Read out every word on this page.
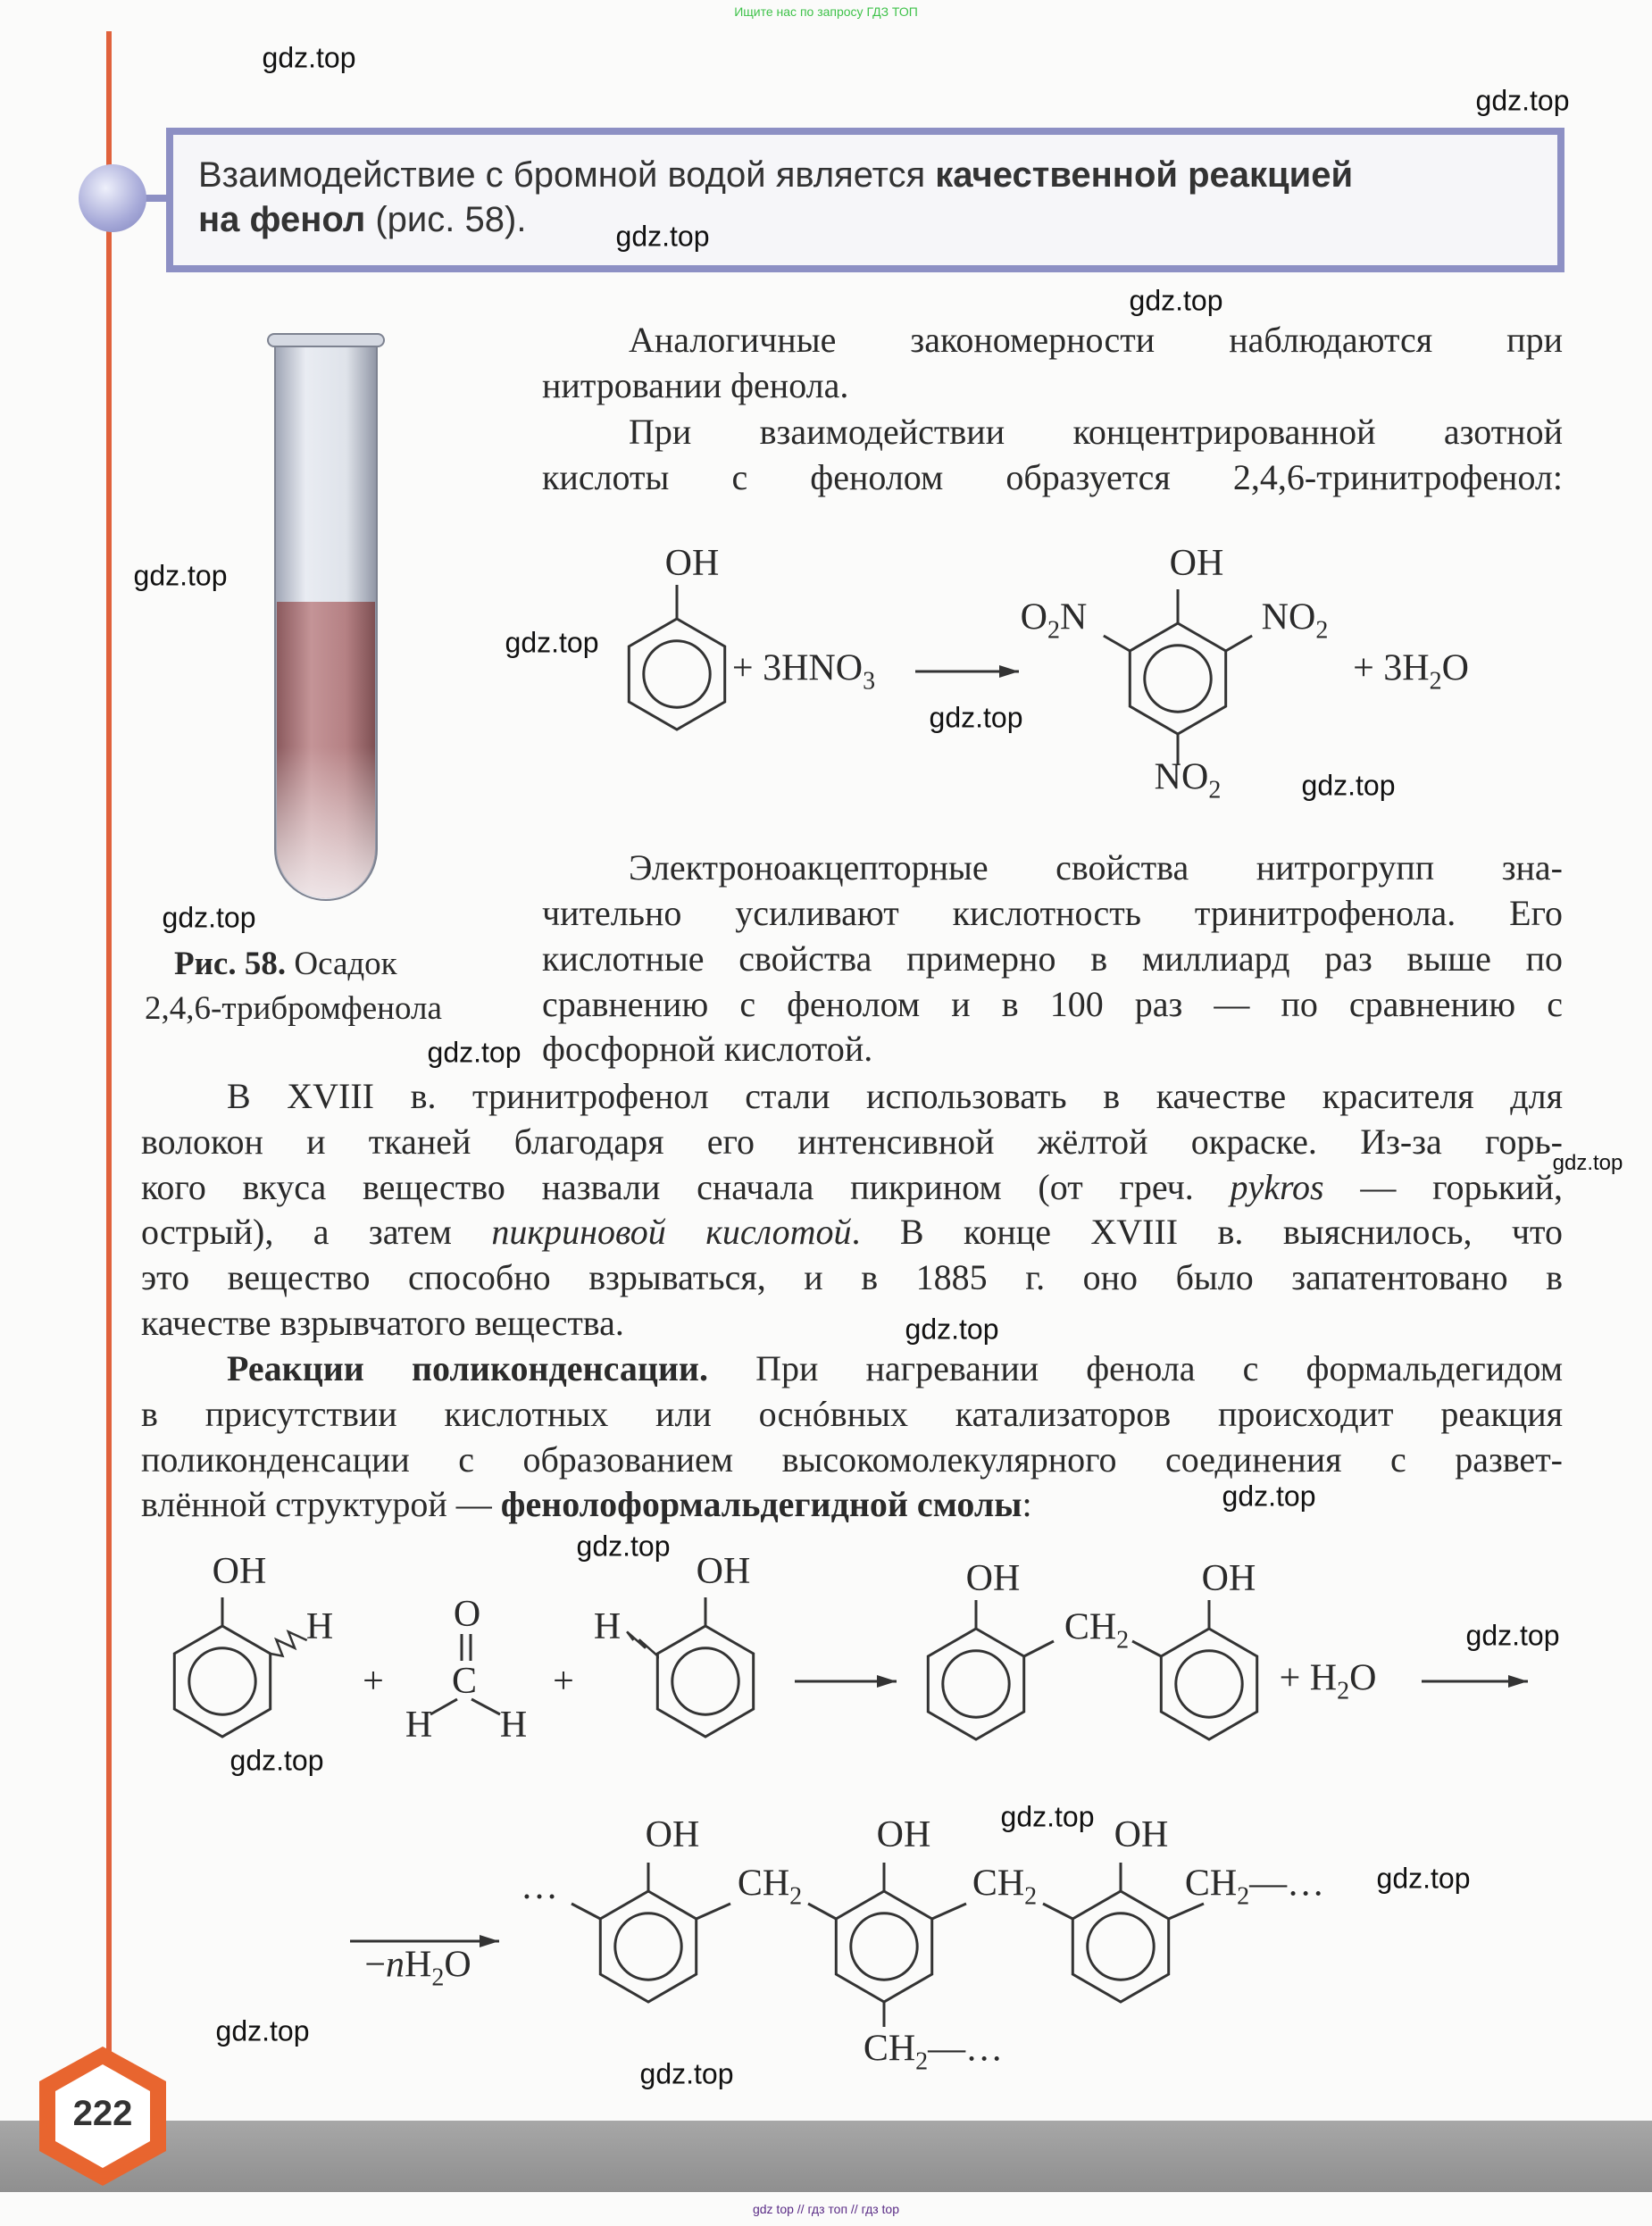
Ищите нас по запросу ГДЗ ТОП
Взаимодействие с бромной водой является качественной реакцией
на фенол (рис. 58).
Рис. 58. Осадок
2,4,6-трибромфенола
Аналогичные закономерности наблюдаются при
нитровании фенола.
При взаимодействии концентрированной азотной
кислоты с фенолом образуется 2,4,6-тринитрофенол:
Электроноакцепторные свойства нитрогрупп зна-
чительно усиливают кислотность тринитрофенола. Его
кислотные свойства примерно в миллиард раз выше по
сравнению с фенолом и в 100 раз — по сравнению с
фосфорной кислотой.
В XVIII в. тринитрофенол стали использовать в качестве красителя для
волокон и тканей благодаря его интенсивной жёлтой окраске. Из-за горь-
кого вкуса вещество назвали сначала пикрином (от греч. pykros — горький,
острый), а затем пикриновой кислотой. В конце XVIII в. выяснилось, что
это вещество способно взрываться, и в 1885 г. оно было запатентовано в
качестве взрывчатого вещества.
Реакции поликонденсации. При нагревании фенола с формальдегидом
в присутствии кислотных или оснóвных катализаторов происходит реакция
поликонденсации с образованием высокомолекулярного соединения с развет-
влённой структурой — фенолоформальдегидной смолы:
OH
+ $3HNO_3$
OH
$O_2N$	$NO_2$
$NO_2$
+ $3H_2O$
OH
H
+
O
C
H H
+
H
OH	OH
$CH_2$
OH
+ $H_2O$
$-nH_2O$
…
OH
$CH_2$
OH
$CH_2$
OH
$CH_2—\dots$
$CH_2—\dots$
gdz.top
gdz.top
gdz.top
gdz.top
gdz.top
gdz.top
gdz.top
gdz.top
gdz.top
gdz.top
gdz.top
gdz.top
gdz.top
gdz.top
gdz.top
gdz.top
gdz.top
gdz.top
gdz.top
gdz.top
222
gdz top // гдз топ // гдз top
